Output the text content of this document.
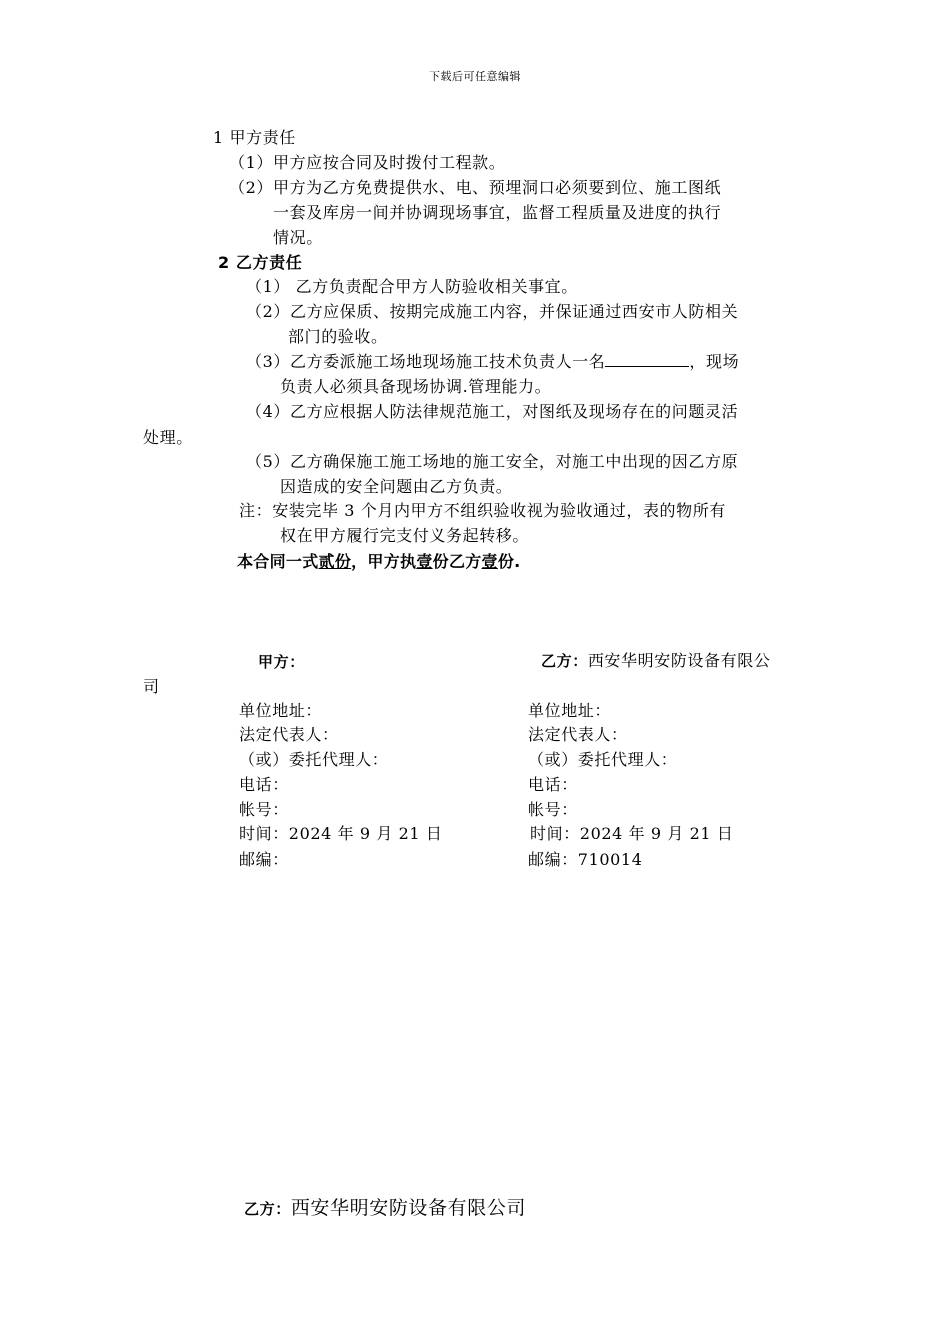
下载后可任意编辑
1 甲方责任
（1）甲方应按合同及时拨付工程款。
（2）甲方为乙方免费提供水、电、预埋洞口必须要到位、施工图纸
一套及库房一间并协调现场事宜，监督工程质量及进度的执行
情况。
2 乙方责任
（1） 乙方负责配合甲方人防验收相关事宜。
（2）乙方应保质、按期完成施工内容，并保证通过西安市人防相关
部门的验收。
（3）乙方委派施工场地现场施工技术负责人一名	，现场
负责人必须具备现场协调.管理能力。
（4）乙方应根据人防法律规范施工，对图纸及现场存在的问题灵活
处理。
（5）乙方确保施工施工场地的施工安全，对施工中出现的因乙方原
因造成的安全问题由乙方负责。
注：安装完毕 3 个月内甲方不组织验收视为验收通过，表的物所有
权在甲方履行完支付义务起转移。
本合同一式贰份，甲方执壹份乙方壹份.
甲方：	乙方：西安华明安防设备有限公
司
单位地址：
法定代表人：
（或）委托代理人：
电话：
帐号：
时间：2024 年 9 月 21 日
邮编：
单位地址：
法定代表人：
（或）委托代理人：
电话：
帐号：
时间：2024 年 9 月 21 日
邮编：710014
乙方：西安华明安防设备有限公司
